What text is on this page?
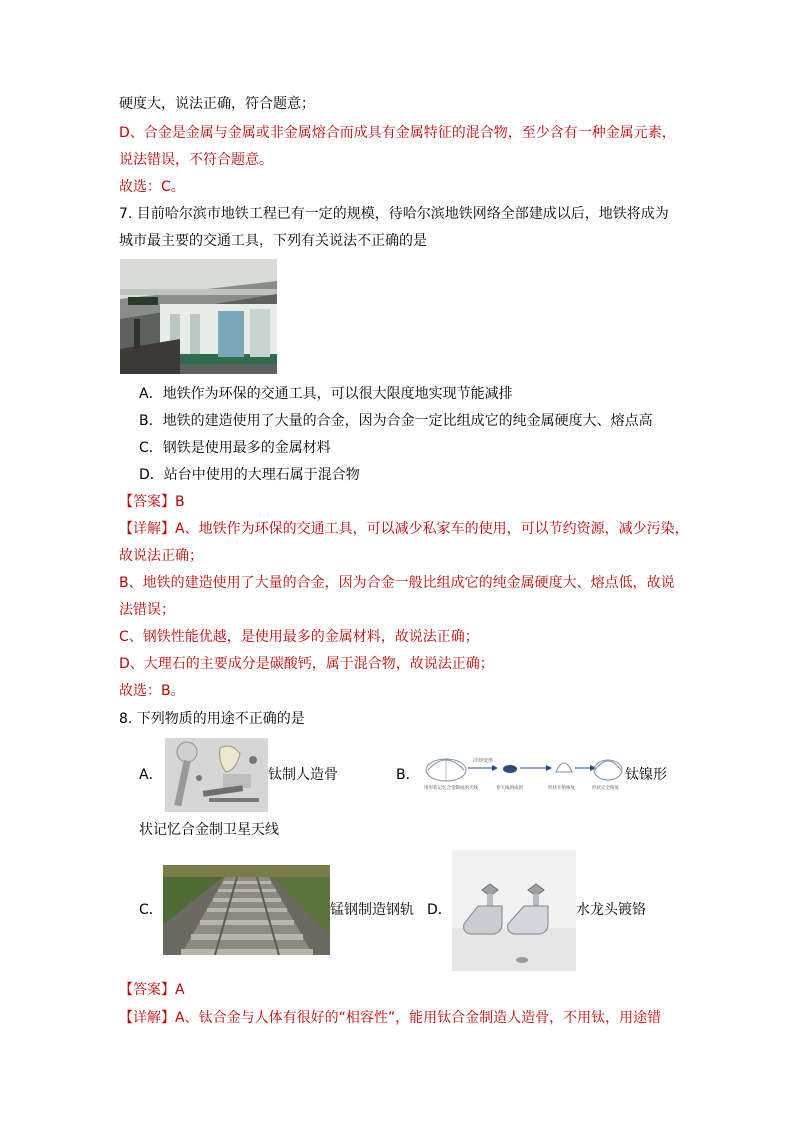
硬度大，说法正确，符合题意；
D、合金是金属与金属或非金属熔合而成具有金属特征的混合物，至少含有一种金属元素，
说法错误，不符合题意。
故选：C。
7. 目前哈尔滨市地铁工程已有一定的规模，待哈尔滨地铁网络全部建成以后，地铁将成为
城市最主要的交通工具，下列有关说法不正确的是
A．地铁作为环保的交通工具，可以很大限度地实现节能减排
B．地铁的建造使用了大量的合金，因为合金一定比组成它的纯金属硬度大、熔点高
C．钢铁是使用最多的金属材料
D．站台中使用的大理石属于混合物
【答案】B
【详解】A、地铁作为环保的交通工具，可以减少私家车的使用，可以节约资源，减少污染，
故说法正确；
B、地铁的建造使用了大量的合金，因为合金一般比组成它的纯金属硬度大、熔点低，故说
法错误；
C、钢铁性能优越，是使用最多的金属材料，故说法正确；
D、大理石的主要成分是碳酸钙，属于混合物，故说法正确；
故选：B。
8. 下列物质的用途不正确的是
A．	钛制人造骨	B．
冷却变形
用形状记忆合金制成的天线	卷天线团成团	形状开始恢复	形状完全恢复
钛镍形
状记忆合金制卫星天线
C．	锰钢制造钢轨 D．	水龙头镀铬
【答案】A
【详解】A、钛合金与人体有很好的“相容性”，能用钛合金制造人造骨，不用钛，用途错
